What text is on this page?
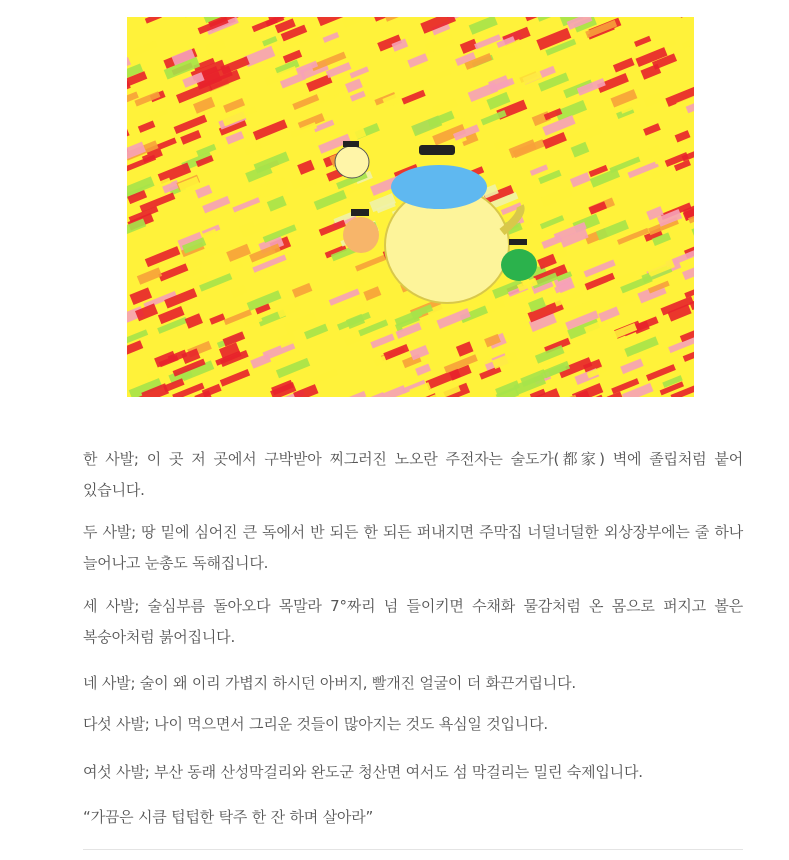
한 사발; 이 곳 저 곳에서 구박받아 찌그러진 노오란 주전자는 술도가(都家) 벽에 졸립처럼 붙어 있습니다.

두 사발; 땅 밑에 심어진 큰 독에서 반 되든 한 되든 퍼내지면 주막집 너덜너덜한 외상장부에는 줄 하나 늘어나고 눈총도 독해집니다.

세 사발; 술심부름 돌아오다 목말라 7°짜리 넘 들이키면 수채화 물감처럼 온 몸으로 퍼지고 볼은 복숭아처럼 붉어집니다.

네 사발; 술이 왜 이리 가볍지 하시던 아버지, 빨개진 얼굴이 더 화끈거립니다.

다섯 사발; 나이 먹으면서 그리운 것들이 많아지는 것도 욕심일 것입니다.

여섯 사발; 부산 동래 산성막걸리와 완도군 청산면 여서도 섬 막걸리는 밀린 숙제입니다.

“가끔은 시큼 텁텁한 탁주 한 잔 하며 살아라”
